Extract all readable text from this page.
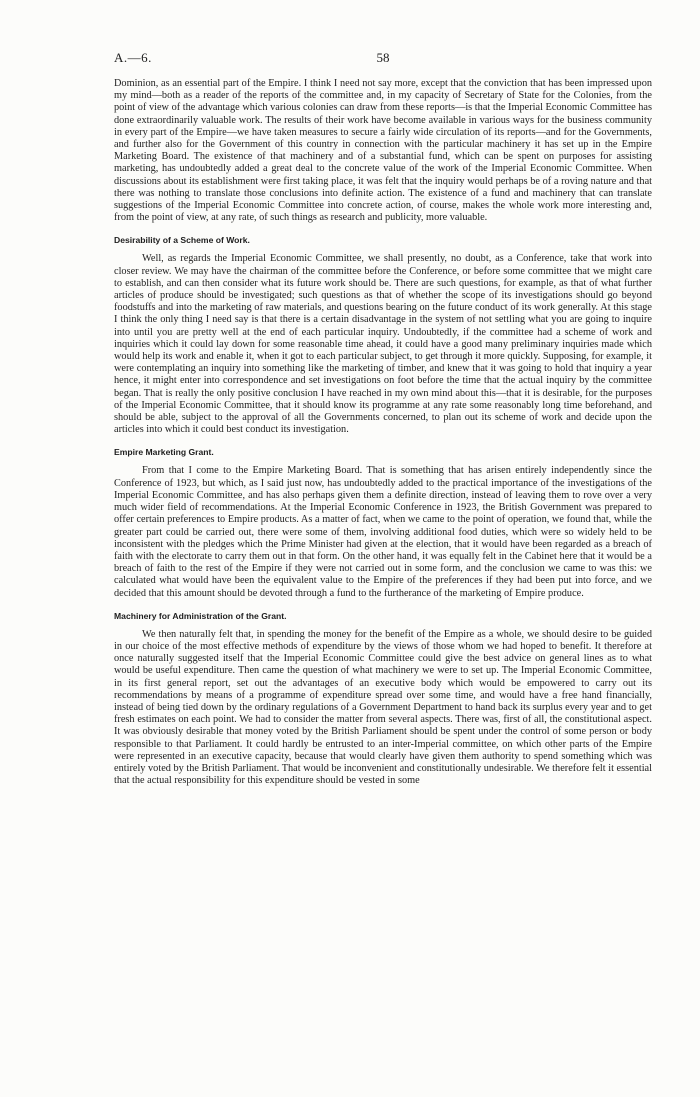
A.—6.	58

Dominion, as an essential part of the Empire. I think I need not say more, except that the conviction that has been impressed upon my mind—both as a reader of the reports of the committee and, in my capacity of Secretary of State for the Colonies, from the point of view of the advantage which various colonies can draw from these reports—is that the Imperial Economic Committee has done extraordinarily valuable work. The results of their work have become available in various ways for the business community in every part of the Empire—we have taken measures to secure a fairly wide circulation of its reports—and for the Governments, and further also for the Government of this country in connection with the particular machinery it has set up in the Empire Marketing Board. The existence of that machinery and of a substantial fund, which can be spent on purposes for assisting marketing, has undoubtedly added a great deal to the concrete value of the work of the Imperial Economic Committee. When discussions about its establishment were first taking place, it was felt that the inquiry would perhaps be of a roving nature and that there was nothing to translate those conclusions into definite action. The existence of a fund and machinery that can translate suggestions of the Imperial Economic Committee into concrete action, of course, makes the whole work more interesting and, from the point of view, at any rate, of such things as research and publicity, more valuable.

Desirability of a Scheme of Work.

Well, as regards the Imperial Economic Committee, we shall presently, no doubt, as a Conference, take that work into closer review. We may have the chairman of the committee before the Conference, or before some committee that we might care to establish, and can then consider what its future work should be. There are such questions, for example, as that of what further articles of produce should be investigated; such questions as that of whether the scope of its investigations should go beyond foodstuffs and into the marketing of raw materials, and questions bearing on the future conduct of its work generally. At this stage I think the only thing I need say is that there is a certain disadvantage in the system of not settling what you are going to inquire into until you are pretty well at the end of each particular inquiry. Undoubtedly, if the committee had a scheme of work and inquiries which it could lay down for some reasonable time ahead, it could have a good many preliminary inquiries made which would help its work and enable it, when it got to each particular subject, to get through it more quickly. Supposing, for example, it were contemplating an inquiry into something like the marketing of timber, and knew that it was going to hold that inquiry a year hence, it might enter into correspondence and set investigations on foot before the time that the actual inquiry by the committee began. That is really the only positive conclusion I have reached in my own mind about this—that it is desirable, for the purposes of the Imperial Economic Committee, that it should know its programme at any rate some reasonably long time beforehand, and should be able, subject to the approval of all the Governments concerned, to plan out its scheme of work and decide upon the articles into which it could best conduct its investigation.

Empire Marketing Grant.

From that I come to the Empire Marketing Board. That is something that has arisen entirely independently since the Conference of 1923, but which, as I said just now, has undoubtedly added to the practical importance of the investigations of the Imperial Economic Committee, and has also perhaps given them a definite direction, instead of leaving them to rove over a very much wider field of recommendations. At the Imperial Economic Conference in 1923, the British Government was prepared to offer certain preferences to Empire products. As a matter of fact, when we came to the point of operation, we found that, while the greater part could be carried out, there were some of them, involving additional food duties, which were so widely held to be inconsistent with the pledges which the Prime Minister had given at the election, that it would have been regarded as a breach of faith with the electorate to carry them out in that form. On the other hand, it was equally felt in the Cabinet here that it would be a breach of faith to the rest of the Empire if they were not carried out in some form, and the conclusion we came to was this: we calculated what would have been the equivalent value to the Empire of the preferences if they had been put into force, and we decided that this amount should be devoted through a fund to the furtherance of the marketing of Empire produce.

Machinery for Administration of the Grant.

We then naturally felt that, in spending the money for the benefit of the Empire as a whole, we should desire to be guided in our choice of the most effective methods of expenditure by the views of those whom we had hoped to benefit. It therefore at once naturally suggested itself that the Imperial Economic Committee could give the best advice on general lines as to what would be useful expenditure. Then came the question of what machinery we were to set up. The Imperial Economic Committee, in its first general report, set out the advantages of an executive body which would be empowered to carry out its recommendations by means of a programme of expenditure spread over some time, and would have a free hand financially, instead of being tied down by the ordinary regulations of a Government Department to hand back its surplus every year and to get fresh estimates on each point. We had to consider the matter from several aspects. There was, first of all, the constitutional aspect. It was obviously desirable that money voted by the British Parliament should be spent under the control of some person or body responsible to that Parliament. It could hardly be entrusted to an inter-Imperial committee, on which other parts of the Empire were represented in an executive capacity, because that would clearly have given them authority to spend something which was entirely voted by the British Parliament. That would be inconvenient and constitutionally undesirable. We therefore felt it essential that the actual responsibility for this expenditure should be vested in some
